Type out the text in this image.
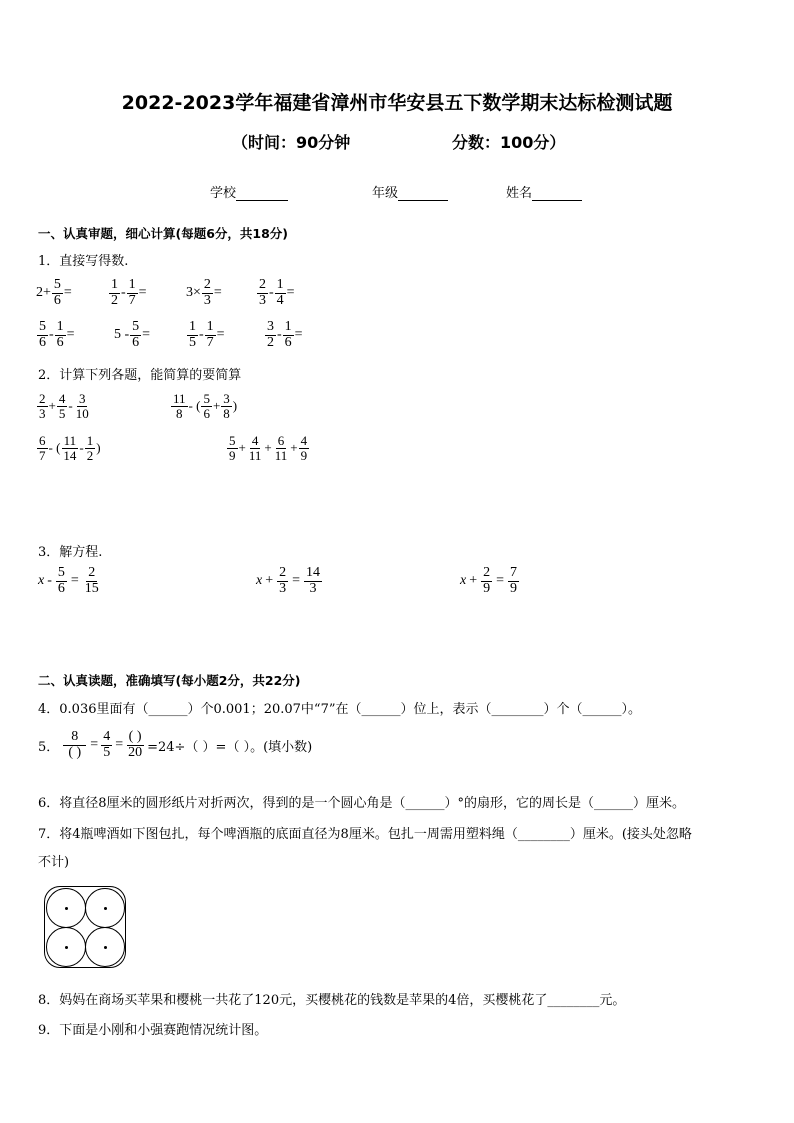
2022-2023学年福建省漳州市华安县五下数学期末达标检测试题
（时间：90分钟	分数：100分）
学校	年级	姓名
一、认真审题，细心计算(每题6分，共18分)
1．直接写得数.
$2+ \frac{5}{6}$ =	$\frac{1}{2} - \frac{1}{7}$ =	$3\times \frac{2}{3}$ =	$\frac{2}{3} - \frac{1}{4}$ =
$\frac{5}{6} - \frac{1}{6}$ =	$5 - \frac{5}{6}$ =	$\frac{1}{5} - \frac{1}{7}$ =	$\frac{3}{2} - \frac{1}{6}$ =
2．计算下列各题，能简算的要简算
$\frac{2}{3} + \frac{4}{5} - \frac{3}{10}$	$\frac{11}{8}$ - ( $\frac{5}{6} + \frac{3}{8}$ )
$\frac{6}{7}$ - ( $\frac{11}{14} - \frac{1}{2}$ )	$\frac{5}{9} + \frac{4}{11} + \frac{6}{11} + \frac{4}{9}$
3．解方程.
$x - \frac{5}{6} = \frac{2}{15}$	$x + \frac{2}{3} = \frac{14}{3}$	$x + \frac{2}{9} = \frac{7}{9}$
二、认真读题，准确填写(每小题2分，共22分)
4．0.036里面有（______）个0.001；20.07中“7”在（______）位上，表示（________）个（______）。
5． $\frac{8}{( )} = \frac{4}{5} = \frac{( )}{20} =24\div$（ ）=（ ）。(填小数)
6．将直径8厘米的圆形纸片对折两次，得到的是一个圆心角是（______）°的扇形，它的周长是（______）厘米。
7．将4瓶啤酒如下图包扎，每个啤酒瓶的底面直径为8厘米。包扎一周需用塑料绳（________）厘米。(接头处忽略
不计)
8．妈妈在商场买苹果和樱桃一共花了120元，买樱桃花的钱数是苹果的4倍，买樱桃花了________元。
9．下面是小刚和小强赛跑情况统计图。
